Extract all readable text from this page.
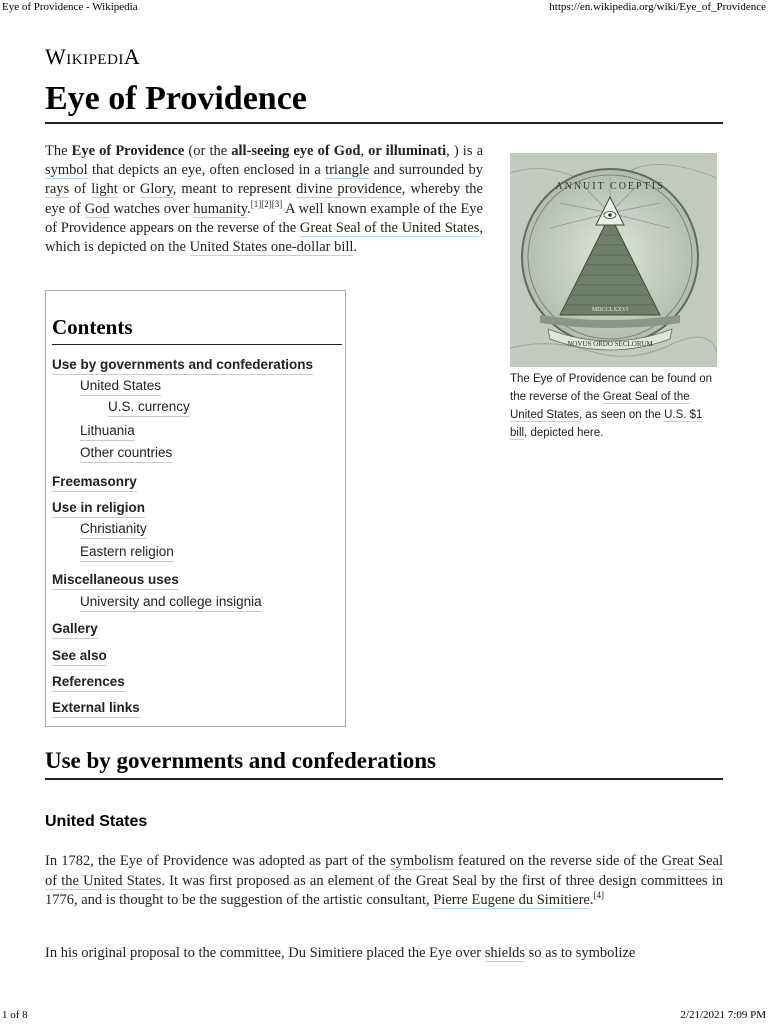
Eye of Providence - Wikipedia	https://en.wikipedia.org/wiki/Eye_of_Providence
WikipediA
Eye of Providence

The Eye of Providence (or the all-seeing eye of God, or illuminati, ) is a symbol that depicts an eye, often enclosed in a triangle and surrounded by rays of light or Glory, meant to represent divine providence, whereby the eye of God watches over humanity.[1][2][3] A well known example of the Eye of Providence appears on the reverse of the Great Seal of the United States, which is depicted on the United States one-dollar bill.

ANNUIT COEPTIS
NOVUS ORDO SECLORUM
MDCCLXXVI
The Eye of Providence can be found on the reverse of the Great Seal of the United States, as seen on the U.S. $1 bill, depicted here.
Contents
Use by governments and confederations
United States
U.S. currency
Lithuania
Other countries
Freemasonry
Use in religion
Christianity
Eastern religion
Miscellaneous uses
University and college insignia
Gallery
See also
References
External links
Use by governments and confederations
United States

In 1782, the Eye of Providence was adopted as part of the symbolism featured on the reverse side of the Great Seal of the United States. It was first proposed as an element of the Great Seal by the first of three design committees in 1776, and is thought to be the suggestion of the artistic consultant, Pierre Eugene du Simitiere.[4]

In his original proposal to the committee, Du Simitiere placed the Eye over shields so as to symbolize

1 of 8	2/21/2021 7:09 PM
